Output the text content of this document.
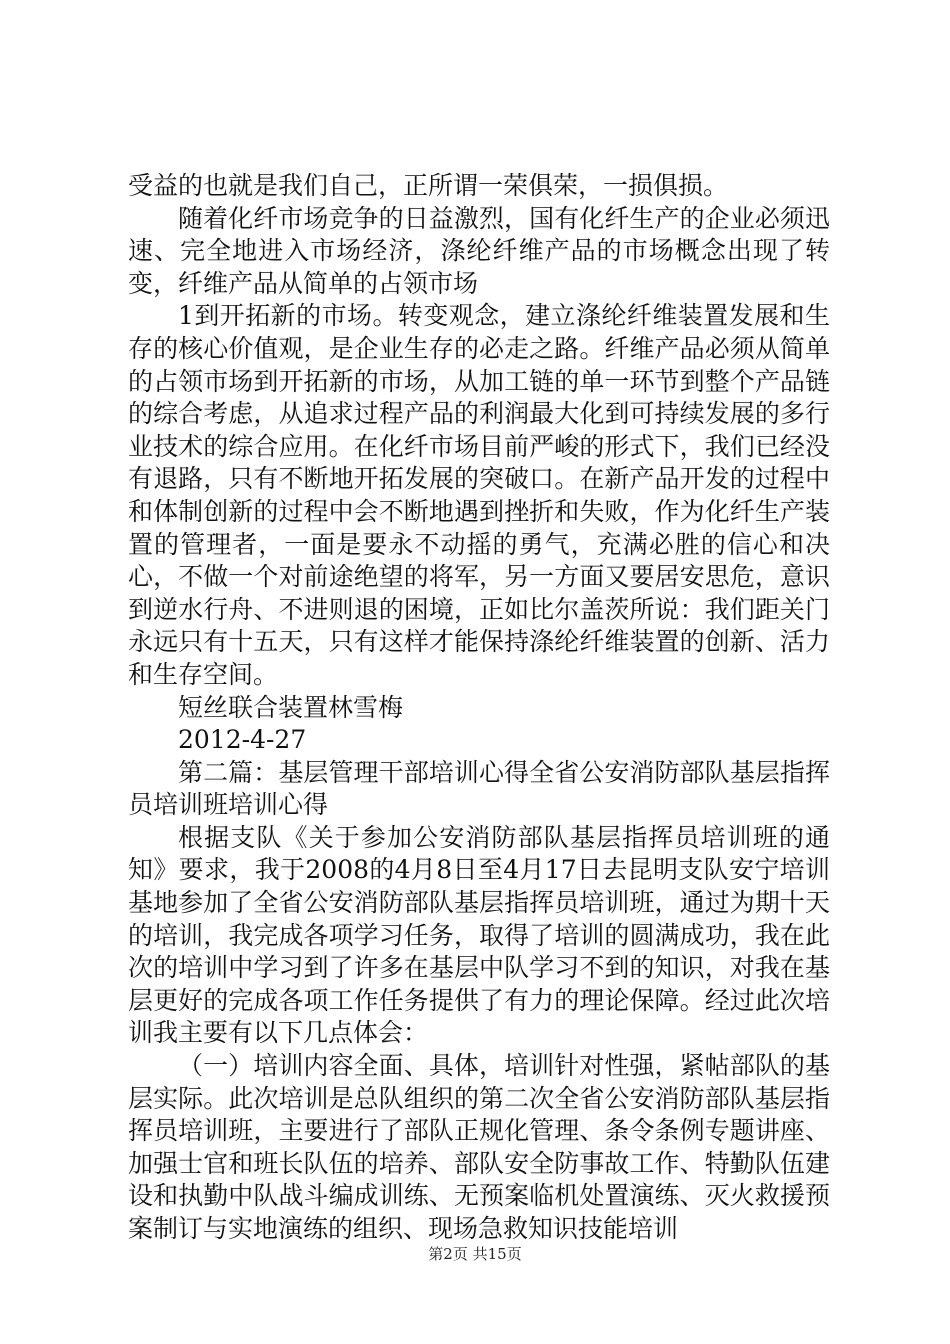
受益的也就是我们自己，正所谓一荣俱荣，一损俱损。

随着化纤市场竞争的日益激烈，国有化纤生产的企业必须迅速、完全地进入市场经济，涤纶纤维产品的市场概念出现了转变，纤维产品从简单的占领市场

1到开拓新的市场。转变观念，建立涤纶纤维装置发展和生存的核心价值观，是企业生存的必走之路。纤维产品必须从简单的占领市场到开拓新的市场，从加工链的单一环节到整个产品链的综合考虑，从追求过程产品的利润最大化到可持续发展的多行业技术的综合应用。在化纤市场目前严峻的形式下，我们已经没有退路，只有不断地开拓发展的突破口。在新产品开发的过程中和体制创新的过程中会不断地遇到挫折和失败，作为化纤生产装置的管理者，一面是要永不动摇的勇气，充满必胜的信心和决心，不做一个对前途绝望的将军，另一方面又要居安思危，意识到逆水行舟、不进则退的困境，正如比尔盖茨所说：我们距关门永远只有十五天，只有这样才能保持涤纶纤维装置的创新、活力和生存空间。

短丝联合装置林雪梅

2012-4-27

第二篇：基层管理干部培训心得全省公安消防部队基层指挥员培训班培训心得

根据支队《关于参加公安消防部队基层指挥员培训班的通知》要求，我于2008的4月8日至4月17日去昆明支队安宁培训基地参加了全省公安消防部队基层指挥员培训班，通过为期十天的培训，我完成各项学习任务，取得了培训的圆满成功，我在此次的培训中学习到了许多在基层中队学习不到的知识，对我在基层更好的完成各项工作任务提供了有力的理论保障。经过此次培训我主要有以下几点体会：

（一）培训内容全面、具体，培训针对性强，紧帖部队的基层实际。此次培训是总队组织的第二次全省公安消防部队基层指挥员培训班，主要进行了部队正规化管理、条令条例专题讲座、加强士官和班长队伍的培养、部队安全防事故工作、特勤队伍建设和执勤中队战斗编成训练、无预案临机处置演练、灭火救援预案制订与实地演练的组织、现场急救知识技能培训

第2页 共15页
